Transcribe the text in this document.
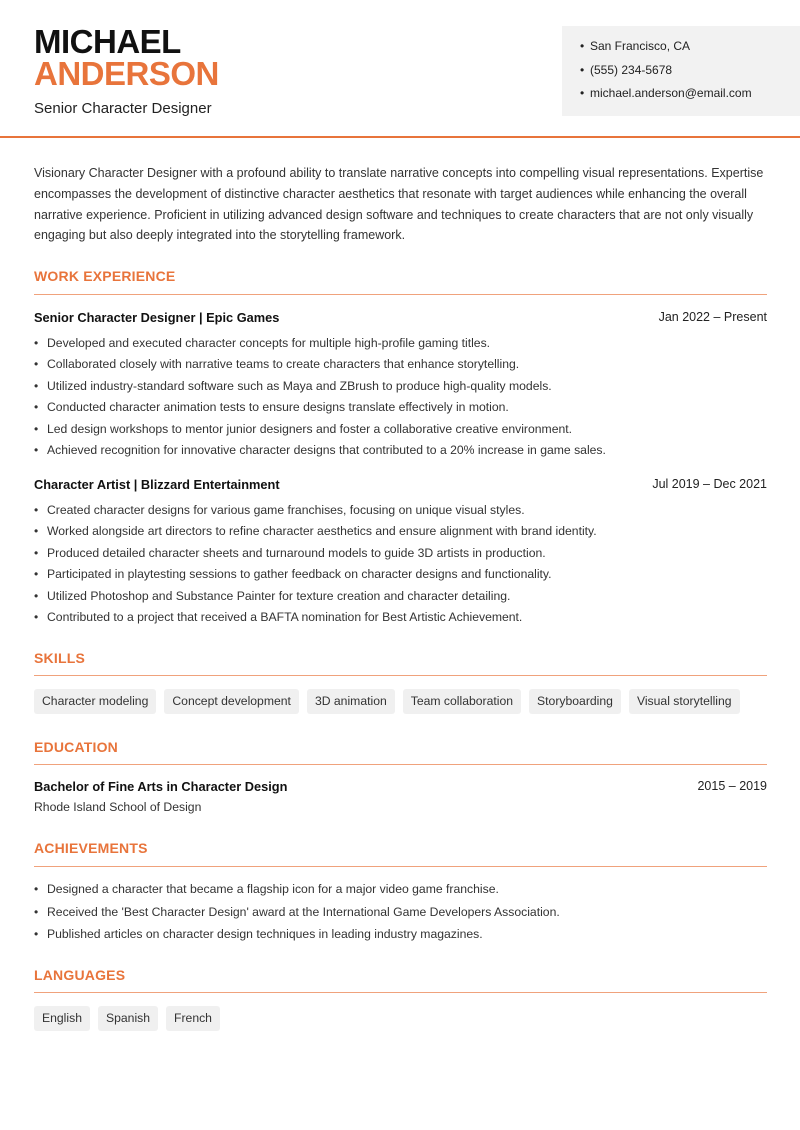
MICHAEL
ANDERSON
Senior Character Designer
• San Francisco, CA
• (555) 234-5678
• michael.anderson@email.com
Visionary Character Designer with a profound ability to translate narrative concepts into compelling visual representations. Expertise encompasses the development of distinctive character aesthetics that resonate with target audiences while enhancing the overall narrative experience. Proficient in utilizing advanced design software and techniques to create characters that are not only visually engaging but also deeply integrated into the storytelling framework.
WORK EXPERIENCE
Senior Character Designer | Epic Games	Jan 2022 – Present
• Developed and executed character concepts for multiple high-profile gaming titles.
• Collaborated closely with narrative teams to create characters that enhance storytelling.
• Utilized industry-standard software such as Maya and ZBrush to produce high-quality models.
• Conducted character animation tests to ensure designs translate effectively in motion.
• Led design workshops to mentor junior designers and foster a collaborative creative environment.
• Achieved recognition for innovative character designs that contributed to a 20% increase in game sales.
Character Artist | Blizzard Entertainment	Jul 2019 – Dec 2021
• Created character designs for various game franchises, focusing on unique visual styles.
• Worked alongside art directors to refine character aesthetics and ensure alignment with brand identity.
• Produced detailed character sheets and turnaround models to guide 3D artists in production.
• Participated in playtesting sessions to gather feedback on character designs and functionality.
• Utilized Photoshop and Substance Painter for texture creation and character detailing.
• Contributed to a project that received a BAFTA nomination for Best Artistic Achievement.
SKILLS
Character modeling	Concept development	3D animation	Team collaboration	Storyboarding	Visual storytelling
EDUCATION
Bachelor of Fine Arts in Character Design	2015 – 2019
Rhode Island School of Design
ACHIEVEMENTS
• Designed a character that became a flagship icon for a major video game franchise.
• Received the 'Best Character Design' award at the International Game Developers Association.
• Published articles on character design techniques in leading industry magazines.
LANGUAGES
English	Spanish	French
